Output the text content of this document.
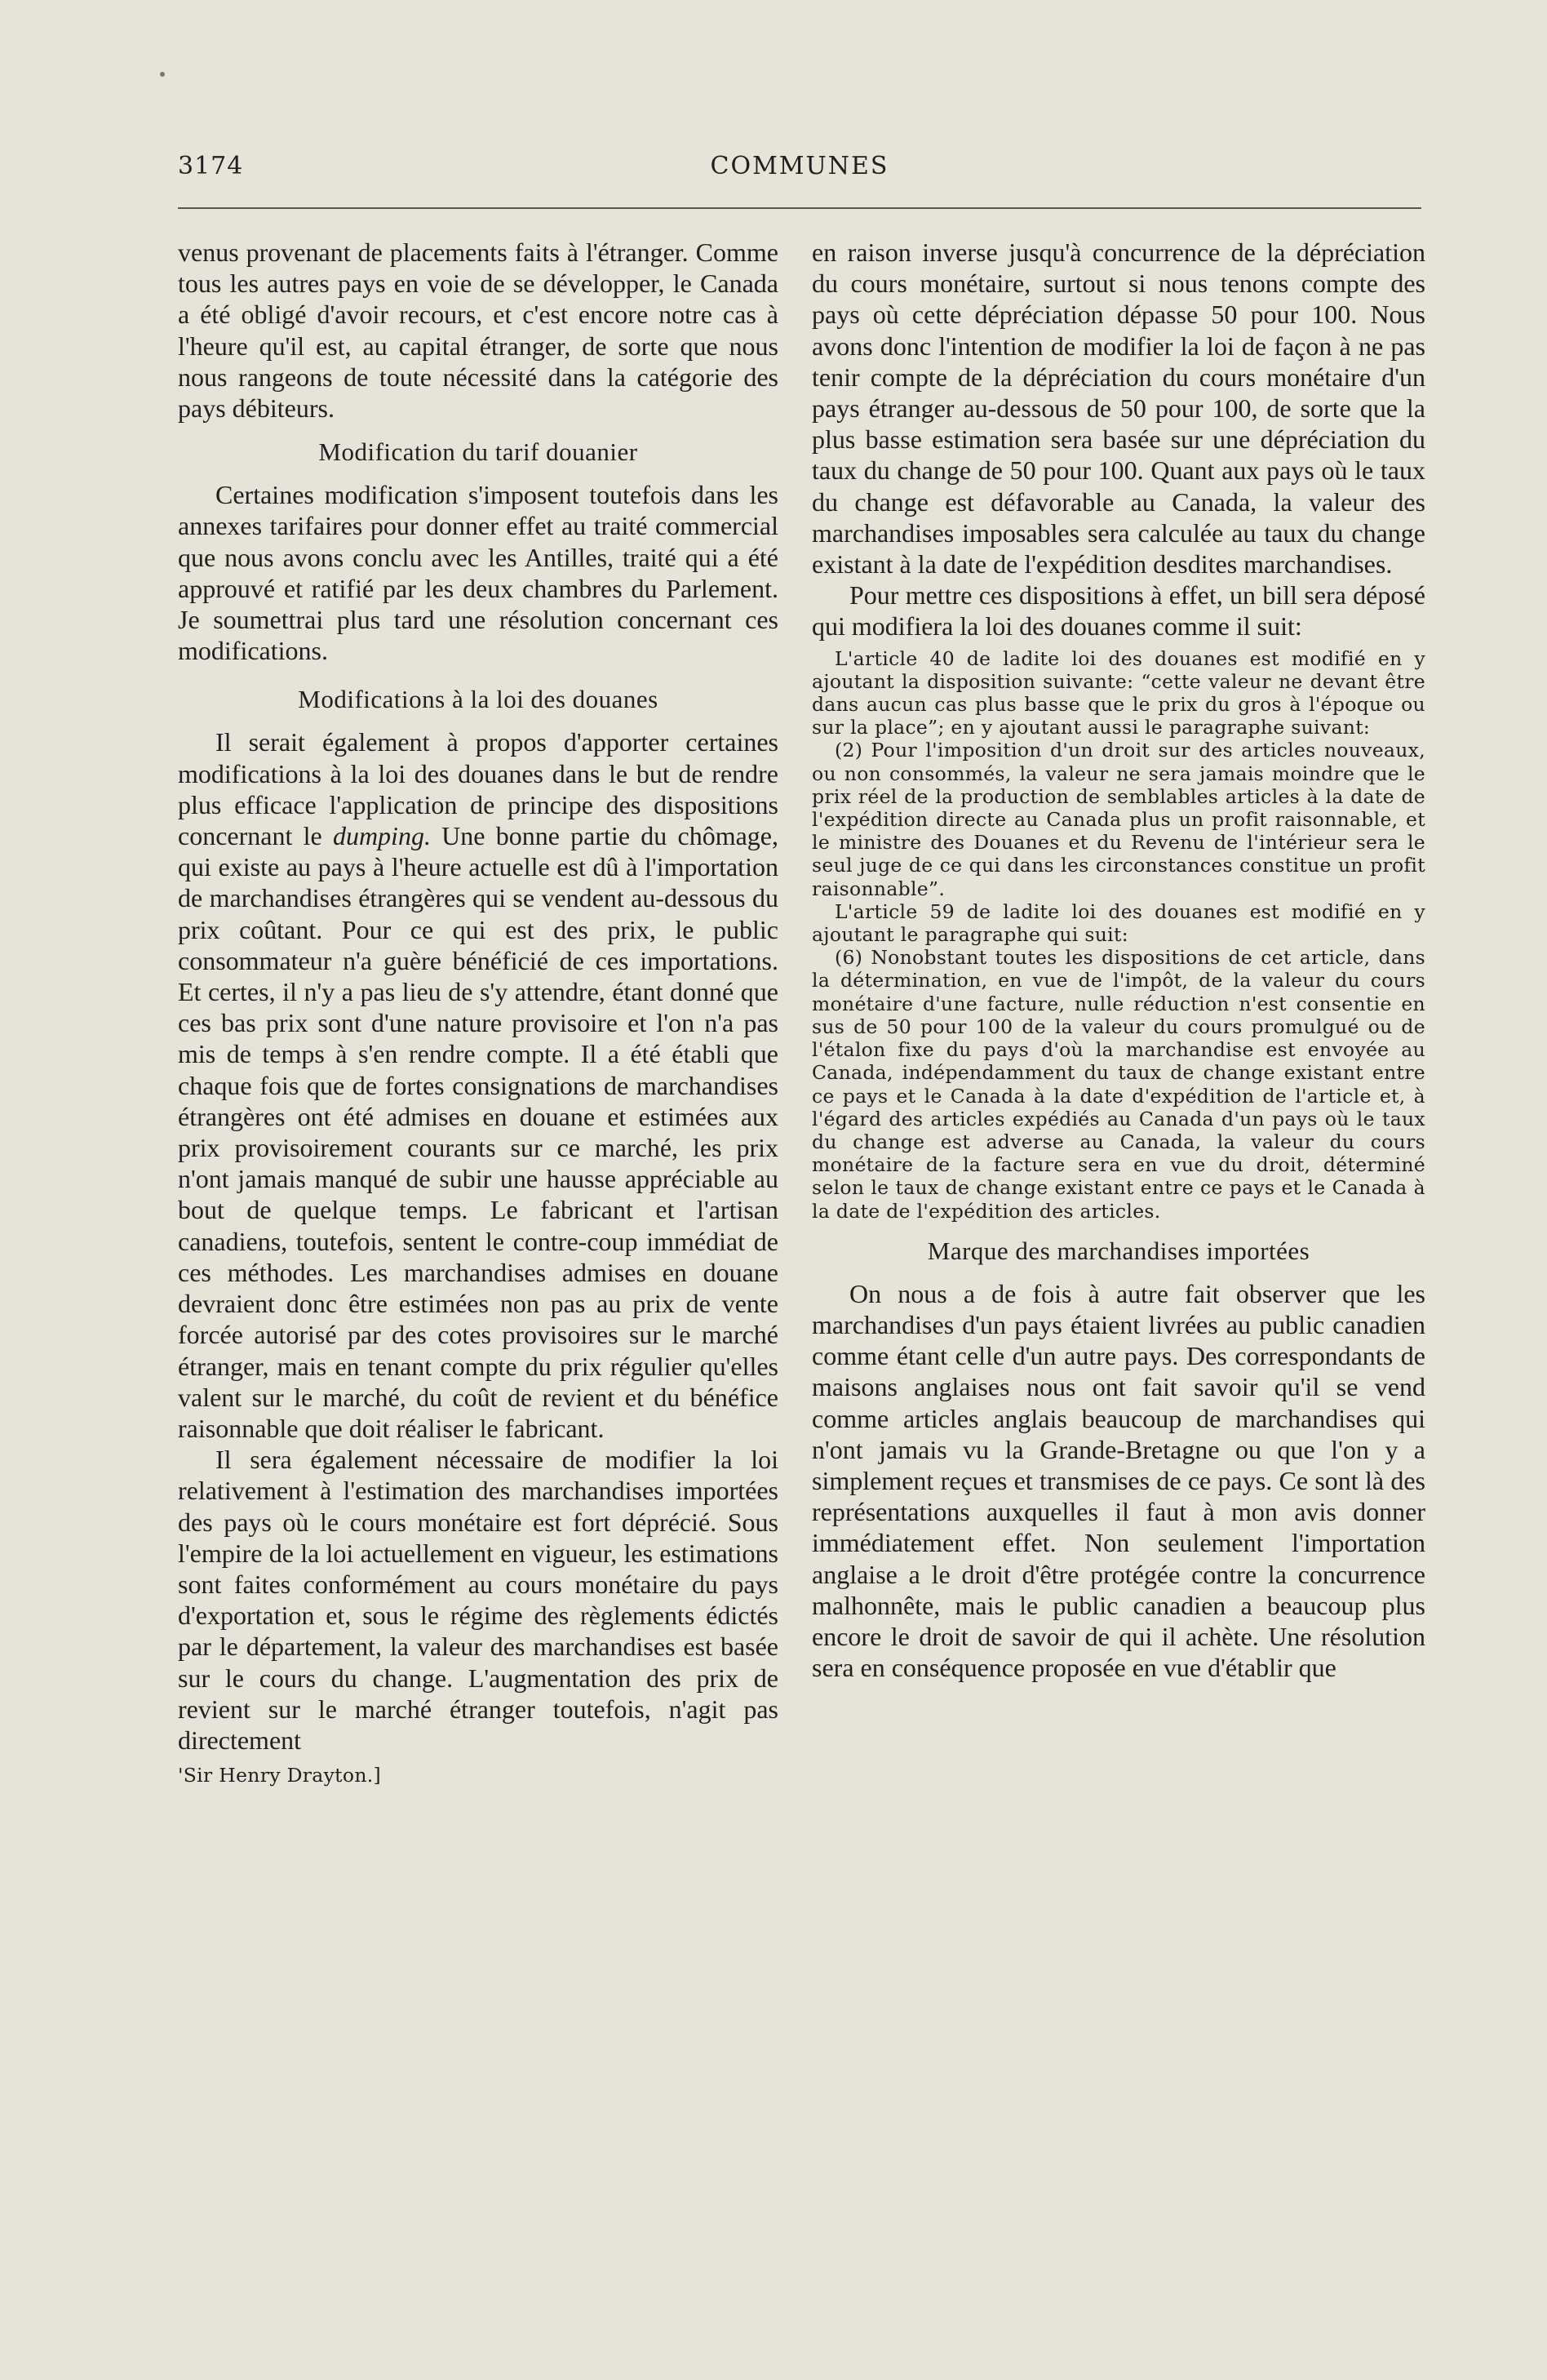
3174	COMMUNES

venus provenant de placements faits à l'étranger. Comme tous les autres pays en voie de se développer, le Canada a été obligé d'avoir recours, et c'est encore notre cas à l'heure qu'il est, au capital étranger, de sorte que nous nous rangeons de toute nécessité dans la catégorie des pays débiteurs.

Modification du tarif douanier

Certaines modification s'imposent toutefois dans les annexes tarifaires pour donner effet au traité commercial que nous avons conclu avec les Antilles, traité qui a été approuvé et ratifié par les deux chambres du Parlement. Je soumettrai plus tard une résolution concernant ces modifications.

Modifications à la loi des douanes

Il serait également à propos d'apporter certaines modifications à la loi des douanes dans le but de rendre plus efficace l'application de principe des dispositions concernant le dumping. Une bonne partie du chômage, qui existe au pays à l'heure actuelle est dû à l'importation de marchandises étrangères qui se vendent au-dessous du prix coûtant. Pour ce qui est des prix, le public consommateur n'a guère bénéficié de ces importations. Et certes, il n'y a pas lieu de s'y attendre, étant donné que ces bas prix sont d'une nature provisoire et l'on n'a pas mis de temps à s'en rendre compte. Il a été établi que chaque fois que de fortes consignations de marchandises étrangères ont été admises en douane et estimées aux prix provisoirement courants sur ce marché, les prix n'ont jamais manqué de subir une hausse appréciable au bout de quelque temps. Le fabricant et l'artisan canadiens, toutefois, sentent le contre-coup immédiat de ces méthodes. Les marchandises admises en douane devraient donc être estimées non pas au prix de vente forcée autorisé par des cotes provisoires sur le marché étranger, mais en tenant compte du prix régulier qu'elles valent sur le marché, du coût de revient et du bénéfice raisonnable que doit réaliser le fabricant.

Il sera également nécessaire de modifier la loi relativement à l'estimation des marchandises importées des pays où le cours monétaire est fort déprécié. Sous l'empire de la loi actuellement en vigueur, les estimations sont faites conformément au cours monétaire du pays d'exportation et, sous le régime des règlements édictés par le département, la valeur des marchandises est basée sur le cours du change. L'augmentation des prix de revient sur le marché étranger toutefois, n'agit pas directement

'Sir Henry Drayton.]

en raison inverse jusqu'à concurrence de la dépréciation du cours monétaire, surtout si nous tenons compte des pays où cette dépréciation dépasse 50 pour 100. Nous avons donc l'intention de modifier la loi de façon à ne pas tenir compte de la dépréciation du cours monétaire d'un pays étranger au-dessous de 50 pour 100, de sorte que la plus basse estimation sera basée sur une dépréciation du taux du change de 50 pour 100. Quant aux pays où le taux du change est défavorable au Canada, la valeur des marchandises imposables sera calculée au taux du change existant à la date de l'expédition desdites marchandises.

Pour mettre ces dispositions à effet, un bill sera déposé qui modifiera la loi des douanes comme il suit:

L'article 40 de ladite loi des douanes est modifié en y ajoutant la disposition suivante: “cette valeur ne devant être dans aucun cas plus basse que le prix du gros à l'époque ou sur la place”; en y ajoutant aussi le paragraphe suivant:

(2) Pour l'imposition d'un droit sur des articles nouveaux, ou non consommés, la valeur ne sera jamais moindre que le prix réel de la production de semblables articles à la date de l'expédition directe au Canada plus un profit raisonnable, et le ministre des Douanes et du Revenu de l'intérieur sera le seul juge de ce qui dans les circonstances constitue un profit raisonnable”.

L'article 59 de ladite loi des douanes est modifié en y ajoutant le paragraphe qui suit:

(6) Nonobstant toutes les dispositions de cet article, dans la détermination, en vue de l'impôt, de la valeur du cours monétaire d'une facture, nulle réduction n'est consentie en sus de 50 pour 100 de la valeur du cours promulgué ou de l'étalon fixe du pays d'où la marchandise est envoyée au Canada, indépendamment du taux de change existant entre ce pays et le Canada à la date d'expédition de l'article et, à l'égard des articles expédiés au Canada d'un pays où le taux du change est adverse au Canada, la valeur du cours monétaire de la facture sera en vue du droit, déterminé selon le taux de change existant entre ce pays et le Canada à la date de l'expédition des articles.

Marque des marchandises importées

On nous a de fois à autre fait observer que les marchandises d'un pays étaient livrées au public canadien comme étant celle d'un autre pays. Des correspondants de maisons anglaises nous ont fait savoir qu'il se vend comme articles anglais beaucoup de marchandises qui n'ont jamais vu la Grande-Bretagne ou que l'on y a simplement reçues et transmises de ce pays. Ce sont là des représentations auxquelles il faut à mon avis donner immédiatement effet. Non seulement l'importation anglaise a le droit d'être protégée contre la concurrence malhonnête, mais le public canadien a beaucoup plus encore le droit de savoir de qui il achète. Une résolution sera en conséquence proposée en vue d'établir que
